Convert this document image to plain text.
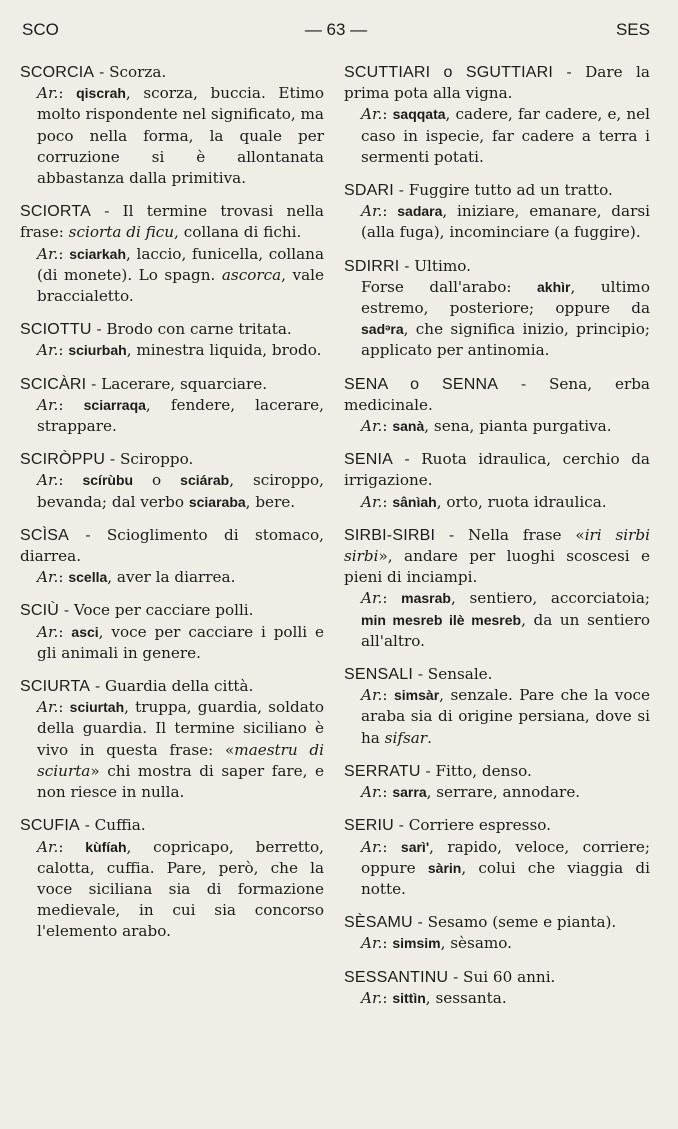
SCO	— 63 —	SES

SCORCIA - Scorza.

Ar.: qiscrah, scorza, buccia. Etimo molto rispondente nel significato, ma poco nella forma, la quale per corruzione si è allontanata abbastanza dalla primitiva.

SCIORTA - Il termine trovasi nella frase: sciorta di ficu, collana di fichi.

Ar.: sciarkah, laccio, funicella, collana (di monete). Lo spagn. ascorca, vale braccialetto.

SCIOTTU - Brodo con carne tritata.

Ar.: sciurbah, minestra liquida, brodo.

SCICÀRI - Lacerare, squarciare.

Ar.: sciarraqa, fendere, lacerare, strappare.

SCIRÒPPU - Sciroppo.

Ar.: scírùbu o sciárab, sciroppo, bevanda; dal verbo sciaraba, bere.

SCÌSA - Scioglimento di stomaco, diarrea.

Ar.: scella, aver la diarrea.

SCIÙ - Voce per cacciare polli.

Ar.: asci, voce per cacciare i polli e gli animali in genere.

SCIURTA - Guardia della città.

Ar.: sciurtah, truppa, guardia, soldato della guardia. Il termine siciliano è vivo in questa frase: «maestru di sciurta» chi mostra di saper fare, e non riesce in nulla.

SCUFIA - Cuffia.

Ar.: kùfíah, copricapo, berretto, calotta, cuffia. Pare, però, che la voce siciliana sia di formazione medievale, in cui sia concorso l'elemento arabo.

SCUTTIARI o SGUTTIARI - Dare la prima pota alla vigna.

Ar.: saqqata, cadere, far cadere, e, nel caso in ispecie, far cadere a terra i sermenti potati.

SDARI - Fuggire tutto ad un tratto.

Ar.: sadara, iniziare, emanare, darsi (alla fuga), incominciare (a fuggire).

SDIRRI - Ultimo.

Forse dall'arabo: akhìr, ultimo estremo, posteriore; oppure da sadᵊra, che significa inizio, principio; applicato per antinomia.

SENA o SENNA - Sena, erba medicinale.

Ar.: sanà, sena, pianta purgativa.

SENIA - Ruota idraulica, cerchio da irrigazione.

Ar.: sânìah, orto, ruota idraulica.

SIRBI-SIRBI - Nella frase «iri sirbi sirbi», andare per luoghi scoscesi e pieni di inciampi.

Ar.: masrab, sentiero, accorciatoia; min mesreb ilè mesreb, da un sentiero all'altro.

SENSALI - Sensale.

Ar.: simsàr, senzale. Pare che la voce araba sia di origine persiana, dove si ha sifsar.

SERRATU - Fitto, denso.

Ar.: sarra, serrare, annodare.

SERIU - Corriere espresso.

Ar.: sarì', rapido, veloce, corriere; oppure sàrin, colui che viaggia di notte.

SÈSAMU - Sesamo (seme e pianta).

Ar.: simsim, sèsamo.

SESSANTINU - Sui 60 anni.

Ar.: sittìn, sessanta.
